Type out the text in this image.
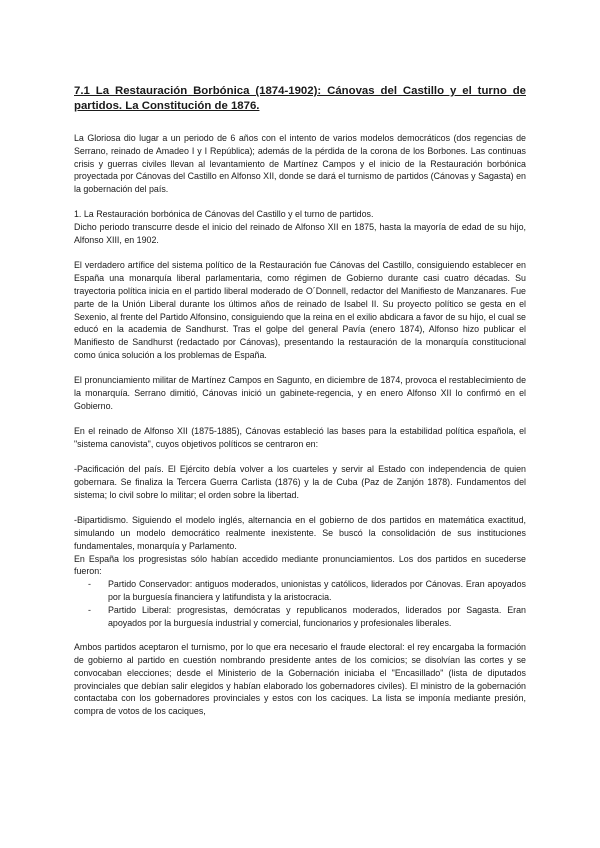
7.1 La Restauración Borbónica (1874-1902): Cánovas del Castillo y el turno de partidos. La Constitución de 1876.

La Gloriosa dio lugar a un periodo de 6 años con el intento de varios modelos democráticos (dos regencias de Serrano, reinado de Amadeo I y I República); además de la pérdida de la corona de los Borbones. Las continuas crisis y guerras civiles llevan al levantamiento de Martínez Campos y el inicio de la Restauración borbónica proyectada por Cánovas del Castillo en Alfonso XII, donde se dará el turnismo de partidos (Cánovas y Sagasta) en la gobernación del país.

1. La Restauración borbónica de Cánovas del Castillo y el turno de partidos.

Dicho periodo transcurre desde el inicio del reinado de Alfonso XII en 1875, hasta la mayoría de edad de su hijo, Alfonso XIII, en 1902.

El verdadero artífice del sistema político de la Restauración fue Cánovas del Castillo, consiguiendo establecer en España una monarquía liberal parlamentaria, como régimen de Gobierno durante casi cuatro décadas. Su trayectoria política inicia en el partido liberal moderado de O´Donnell, redactor del Manifiesto de Manzanares. Fue parte de la Unión Liberal durante los últimos años de reinado de Isabel II. Su proyecto político se gesta en el Sexenio, al frente del Partido Alfonsino, consiguiendo que la reina en el exilio abdicara a favor de su hijo, el cual se educó en la academia de Sandhurst. Tras el golpe del general Pavía (enero 1874), Alfonso hizo publicar el Manifiesto de Sandhurst (redactado por Cánovas), presentando la restauración de la monarquía constitucional como única solución a los problemas de España.

El pronunciamiento militar de Martínez Campos en Sagunto, en diciembre de 1874, provoca el restablecimiento de la monarquía. Serrano dimitió, Cánovas inició un gabinete-regencia, y en enero Alfonso XII lo confirmó en el Gobierno.

En el reinado de Alfonso XII (1875-1885), Cánovas estableció las bases para la estabilidad política española, el "sistema canovista", cuyos objetivos políticos se centraron en:

-Pacificación del país. El Ejército debía volver a los cuarteles y servir al Estado con independencia de quien gobernara. Se finaliza la Tercera Guerra Carlista (1876) y la de Cuba (Paz de Zanjón 1878). Fundamentos del sistema; lo civil sobre lo militar; el orden sobre la libertad.

-Bipartidismo. Siguiendo el modelo inglés, alternancia en el gobierno de dos partidos en matemática exactitud, simulando un modelo democrático realmente inexistente. Se buscó la consolidación de sus instituciones fundamentales, monarquía y Parlamento.

En España los progresistas sólo habían accedido mediante pronunciamientos. Los dos partidos en sucederse fueron:

- Partido Conservador: antiguos moderados, unionistas y católicos, liderados por Cánovas. Eran apoyados por la burguesía financiera y latifundista y la aristocracia.
- Partido Liberal: progresistas, demócratas y republicanos moderados, liderados por Sagasta. Eran apoyados por la burguesía industrial y comercial, funcionarios y profesionales liberales.

Ambos partidos aceptaron el turnismo, por lo que era necesario el fraude electoral: el rey encargaba la formación de gobierno al partido en cuestión nombrando presidente antes de los comicios; se disolvían las cortes y se convocaban elecciones; desde el Ministerio de la Gobernación iniciaba el "Encasillado" (lista de diputados provinciales que debían salir elegidos y habían elaborado los gobernadores civiles). El ministro de la gobernación contactaba con los gobernadores provinciales y estos con los caciques. La lista se imponía mediante presión, compra de votos de los caciques,
